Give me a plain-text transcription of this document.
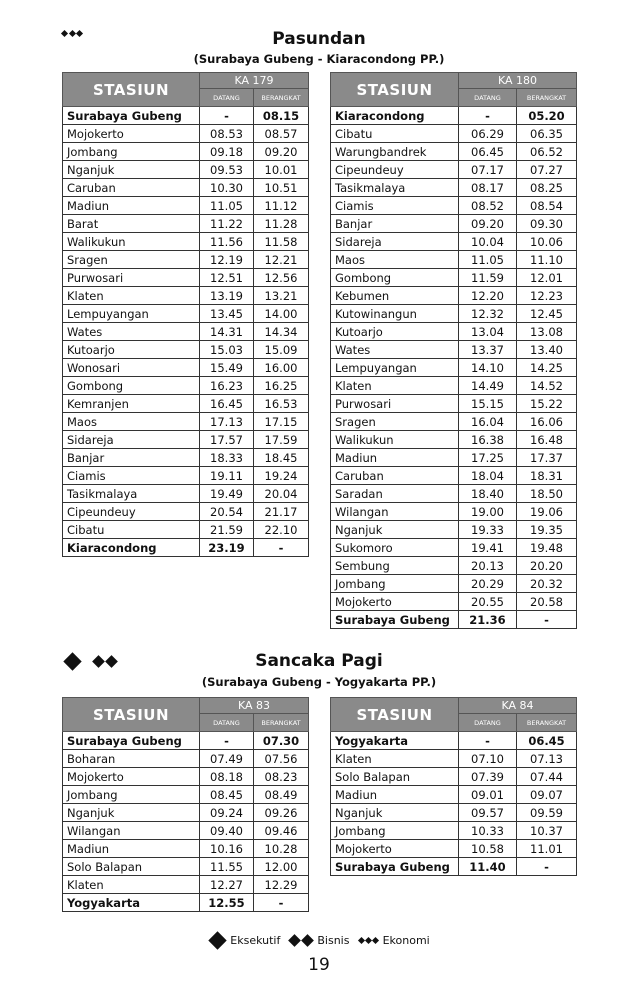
Pasundan
(Surabaya Gubeng - Kiaracondong PP.)
STASIUN	KA 179	
	DATANG	BERANGKAT
Surabaya Gubeng	-	08.15
Mojokerto	08.53	08.57
Jombang	09.18	09.20
Nganjuk	09.53	10.01
Caruban	10.30	10.51
Madiun	11.05	11.12
Barat	11.22	11.28
Walikukun	11.56	11.58
Sragen	12.19	12.21
Purwosari	12.51	12.56
Klaten	13.19	13.21
Lempuyangan	13.45	14.00
Wates	14.31	14.34
Kutoarjo	15.03	15.09
Wonosari	15.49	16.00
Gombong	16.23	16.25
Kemranjen	16.45	16.53
Maos	17.13	17.15
Sidareja	17.57	17.59
Banjar	18.33	18.45
Ciamis	19.11	19.24
Tasikmalaya	19.49	20.04
Cipeundeuy	20.54	21.17
Cibatu	21.59	22.10
Kiaracondong	23.19	-
STASIUN	KA 180	
	DATANG	BERANGKAT
Kiaracondong	-	05.20
Cibatu	06.29	06.35
Warungbandrek	06.45	06.52
Cipeundeuy	07.17	07.27
Tasikmalaya	08.17	08.25
Ciamis	08.52	08.54
Banjar	09.20	09.30
Sidareja	10.04	10.06
Maos	11.05	11.10
Gombong	11.59	12.01
Kebumen	12.20	12.23
Kutowinangun	12.32	12.45
Kutoarjo	13.04	13.08
Wates	13.37	13.40
Lempuyangan	14.10	14.25
Klaten	14.49	14.52
Purwosari	15.15	15.22
Sragen	16.04	16.06
Walikukun	16.38	16.48
Madiun	17.25	17.37
Caruban	18.04	18.31
Saradan	18.40	18.50
Wilangan	19.00	19.06
Nganjuk	19.33	19.35
Sukomoro	19.41	19.48
Sembung	20.13	20.20
Jombang	20.29	20.32
Mojokerto	20.55	20.58
Surabaya Gubeng	21.36	-
Sancaka Pagi
(Surabaya Gubeng - Yogyakarta PP.)
STASIUN	KA 83	
	DATANG	BERANGKAT
Surabaya Gubeng	-	07.30
Boharan	07.49	07.56
Mojokerto	08.18	08.23
Jombang	08.45	08.49
Nganjuk	09.24	09.26
Wilangan	09.40	09.46
Madiun	10.16	10.28
Solo Balapan	11.55	12.00
Klaten	12.27	12.29
Yogyakarta	12.55	-
STASIUN	KA 84	
	DATANG	BERANGKAT
Yogyakarta	-	06.45
Klaten	07.10	07.13
Solo Balapan	07.39	07.44
Madiun	09.01	09.07
Nganjuk	09.57	09.59
Jombang	10.33	10.37
Mojokerto	10.58	11.01
Surabaya Gubeng	11.40	-
Eksekutif	Bisnis	Ekonomi
19
